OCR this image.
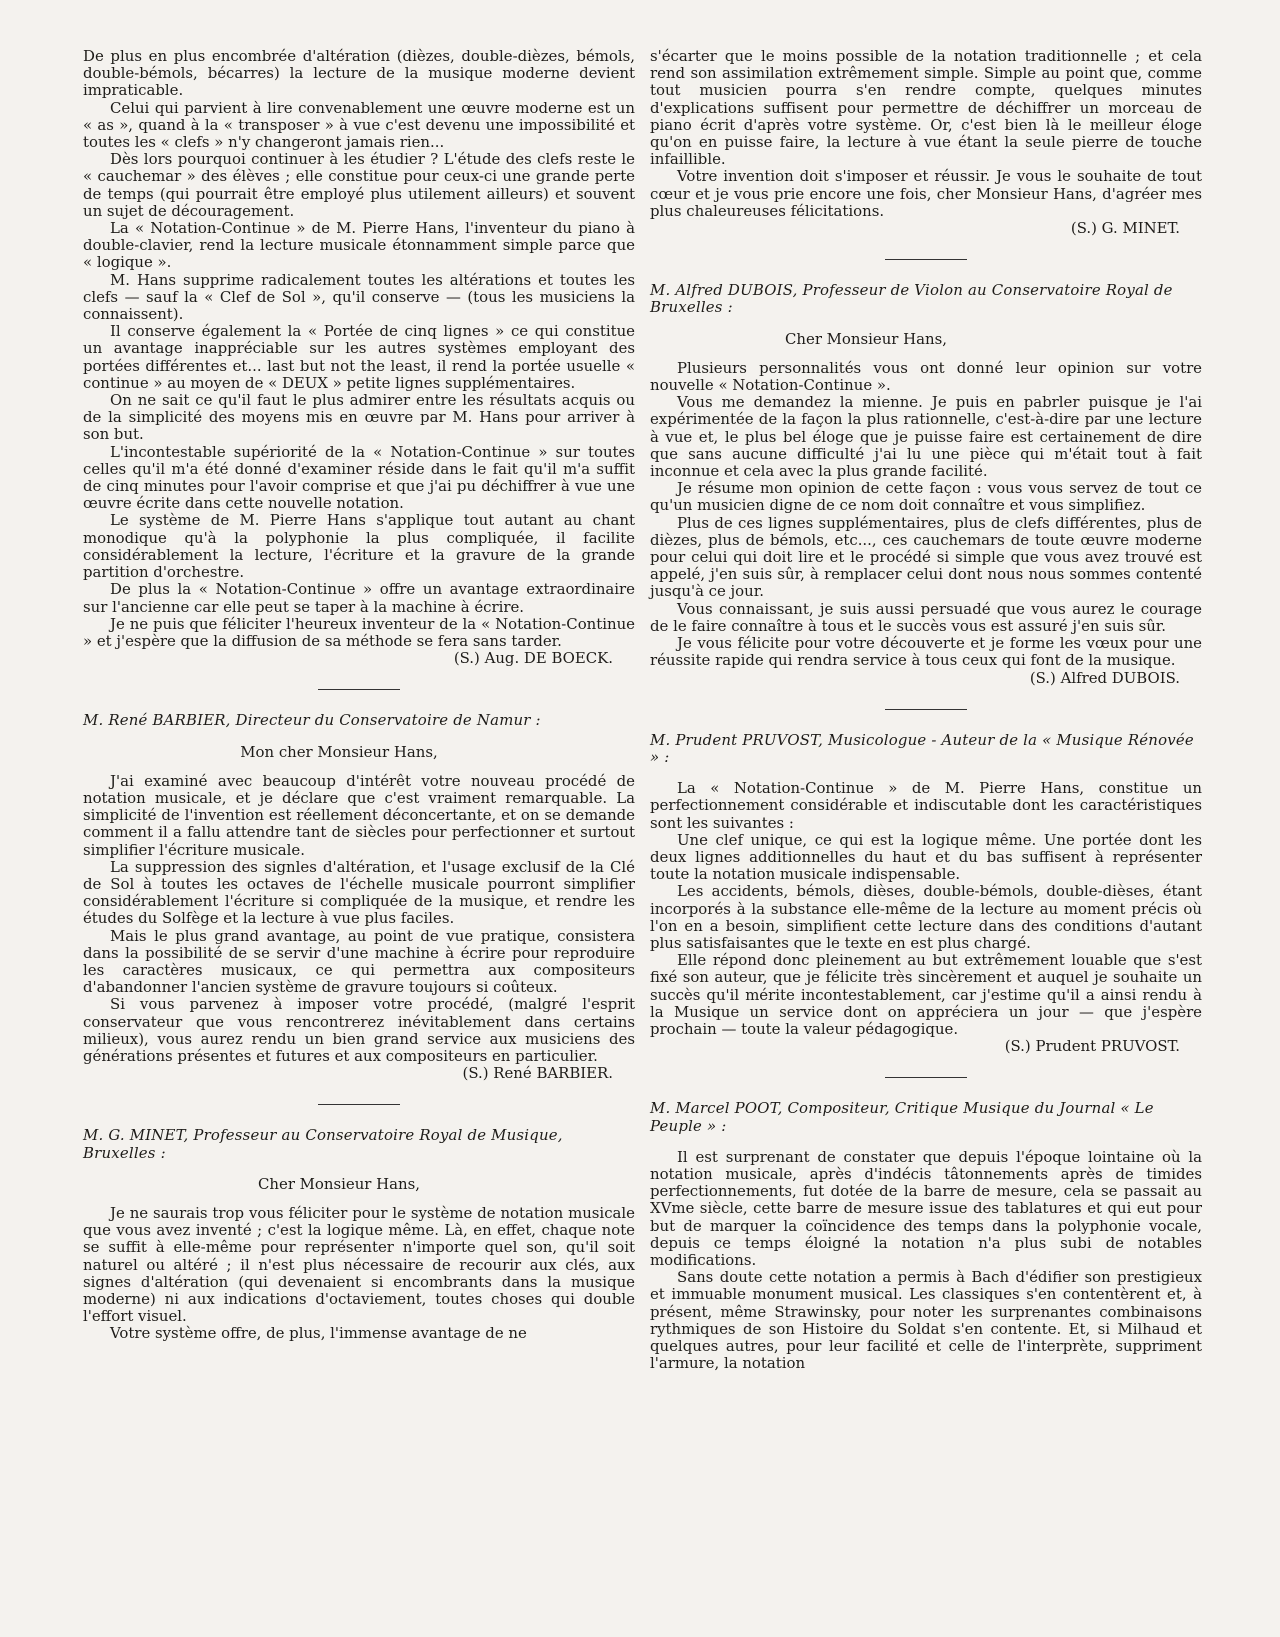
De plus en plus encombrée d'altération (dièzes, double-dièzes, bémols, double-bémols, bécarres) la lecture de la musique moderne devient impraticable.

Celui qui parvient à lire convenablement une œuvre moderne est un « as », quand à la « transposer » à vue c'est devenu une impossibilité et toutes les « clefs » n'y changeront jamais rien...

Dès lors pourquoi continuer à les étudier ? L'étude des clefs reste le « cauchemar » des élèves ; elle constitue pour ceux-ci une grande perte de temps (qui pourrait être employé plus utilement ailleurs) et souvent un sujet de découragement.

La « Notation-Continue » de M. Pierre Hans, l'inventeur du piano à double-clavier, rend la lecture musicale étonnamment simple parce que « logique ».

M. Hans supprime radicalement toutes les altérations et toutes les clefs — sauf la « Clef de Sol », qu'il conserve — (tous les musiciens la connaissent).

Il conserve également la « Portée de cinq lignes » ce qui constitue un avantage inappréciable sur les autres systèmes employant des portées différentes et... last but not the least, il rend la portée usuelle « continue » au moyen de « DEUX » petite lignes supplémentaires.

On ne sait ce qu'il faut le plus admirer entre les résultats acquis ou de la simplicité des moyens mis en œuvre par M. Hans pour arriver à son but.

L'incontestable supériorité de la « Notation-Continue » sur toutes celles qu'il m'a été donné d'examiner réside dans le fait qu'il m'a suffit de cinq minutes pour l'avoir comprise et que j'ai pu déchiffrer à vue une œuvre écrite dans cette nouvelle notation.

Le système de M. Pierre Hans s'applique tout autant au chant monodique qu'à la polyphonie la plus compliquée, il facilite considérablement la lecture, l'écriture et la gravure de la grande partition d'orchestre.

De plus la « Notation-Continue » offre un avantage extraordinaire sur l'ancienne car elle peut se taper à la machine à écrire.

Je ne puis que féliciter l'heureux inventeur de la « Notation-Continue » et j'espère que la diffusion de sa méthode se fera sans tarder.

(S.) Aug. DE BOECK.

M. René BARBIER, Directeur du Conservatoire de Namur :

Mon cher Monsieur Hans,

J'ai examiné avec beaucoup d'intérêt votre nouveau procédé de notation musicale, et je déclare que c'est vraiment remarquable. La simplicité de l'invention est réellement déconcertante, et on se demande comment il a fallu attendre tant de siècles pour perfectionner et surtout simplifier l'écriture musicale.

La suppression des signles d'altération, et l'usage exclusif de la Clé de Sol à toutes les octaves de l'échelle musicale pourront simplifier considérablement l'écriture si compliquée de la musique, et rendre les études du Solfège et la lecture à vue plus faciles.

Mais le plus grand avantage, au point de vue pratique, consistera dans la possibilité de se servir d'une machine à écrire pour reproduire les caractères musicaux, ce qui permettra aux compositeurs d'abandonner l'ancien système de gravure toujours si coûteux.

Si vous parvenez à imposer votre procédé, (malgré l'esprit conservateur que vous rencontrerez inévitablement dans certains milieux), vous aurez rendu un bien grand service aux musiciens des générations présentes et futures et aux compositeurs en particulier.

(S.) René BARBIER.

M. G. MINET, Professeur au Conservatoire Royal de Musique, Bruxelles :

Cher Monsieur Hans,

Je ne saurais trop vous féliciter pour le système de notation musicale que vous avez inventé ; c'est la logique même. Là, en effet, chaque note se suffit à elle-même pour représenter n'importe quel son, qu'il soit naturel ou altéré ; il n'est plus nécessaire de recourir aux clés, aux signes d'altération (qui devenaient si encombrants dans la musique moderne) ni aux indications d'octaviement, toutes choses qui double l'effort visuel.

Votre système offre, de plus, l'immense avantage de ne

s'écarter que le moins possible de la notation traditionnelle ; et cela rend son assimilation extrêmement simple. Simple au point que, comme tout musicien pourra s'en rendre compte, quelques minutes d'explications suffisent pour permettre de déchiffrer un morceau de piano écrit d'après votre système. Or, c'est bien là le meilleur éloge qu'on en puisse faire, la lecture à vue étant la seule pierre de touche infaillible.

Votre invention doit s'imposer et réussir. Je vous le souhaite de tout cœur et je vous prie encore une fois, cher Monsieur Hans, d'agréer mes plus chaleureuses félicitations.

(S.) G. MINET.

M. Alfred DUBOIS, Professeur de Violon au Conservatoire Royal de Bruxelles :

Cher Monsieur Hans,

Plusieurs personnalités vous ont donné leur opinion sur votre nouvelle « Notation-Continue ».

Vous me demandez la mienne. Je puis en pabrler puisque je l'ai expérimentée de la façon la plus rationnelle, c'est-à-dire par une lecture à vue et, le plus bel éloge que je puisse faire est certainement de dire que sans aucune difficulté j'ai lu une pièce qui m'était tout à fait inconnue et cela avec la plus grande facilité.

Je résume mon opinion de cette façon : vous vous servez de tout ce qu'un musicien digne de ce nom doit connaître et vous simplifiez.

Plus de ces lignes supplémentaires, plus de clefs différentes, plus de dièzes, plus de bémols, etc..., ces cauchemars de toute œuvre moderne pour celui qui doit lire et le procédé si simple que vous avez trouvé est appelé, j'en suis sûr, à remplacer celui dont nous nous sommes contenté jusqu'à ce jour.

Vous connaissant, je suis aussi persuadé que vous aurez le courage de le faire connaître à tous et le succès vous est assuré j'en suis sûr.

Je vous félicite pour votre découverte et je forme les vœux pour une réussite rapide qui rendra service à tous ceux qui font de la musique.

(S.) Alfred DUBOIS.

M. Prudent PRUVOST, Musicologue - Auteur de la « Musique Rénovée » :

La « Notation-Continue » de M. Pierre Hans, constitue un perfectionnement considérable et indiscutable dont les caractéristiques sont les suivantes :

Une clef unique, ce qui est la logique même. Une portée dont les deux lignes additionnelles du haut et du bas suffisent à représenter toute la notation musicale indispensable.

Les accidents, bémols, dièses, double-bémols, double-dièses, étant incorporés à la substance elle-même de la lecture au moment précis où l'on en a besoin, simplifient cette lecture dans des conditions d'autant plus satisfaisantes que le texte en est plus chargé.

Elle répond donc pleinement au but extrêmement louable que s'est fixé son auteur, que je félicite très sincèrement et auquel je souhaite un succès qu'il mérite incontestablement, car j'estime qu'il a ainsi rendu à la Musique un service dont on appréciera un jour — que j'espère prochain — toute la valeur pédagogique.

(S.) Prudent PRUVOST.

M. Marcel POOT, Compositeur, Critique Musique du Journal « Le Peuple » :

Il est surprenant de constater que depuis l'époque lointaine où la notation musicale, après d'indécis tâtonnements après de timides perfectionnements, fut dotée de la barre de mesure, cela se passait au XVme siècle, cette barre de mesure issue des tablatures et qui eut pour but de marquer la coïncidence des temps dans la polyphonie vocale, depuis ce temps éloigné la notation n'a plus subi de notables modifications.

Sans doute cette notation a permis à Bach d'édifier son prestigieux et immuable monument musical. Les classiques s'en contentèrent et, à présent, même Strawinsky, pour noter les surprenantes combinaisons rythmiques de son Histoire du Soldat s'en contente. Et, si Milhaud et quelques autres, pour leur facilité et celle de l'interprète, suppriment l'armure, la notation
